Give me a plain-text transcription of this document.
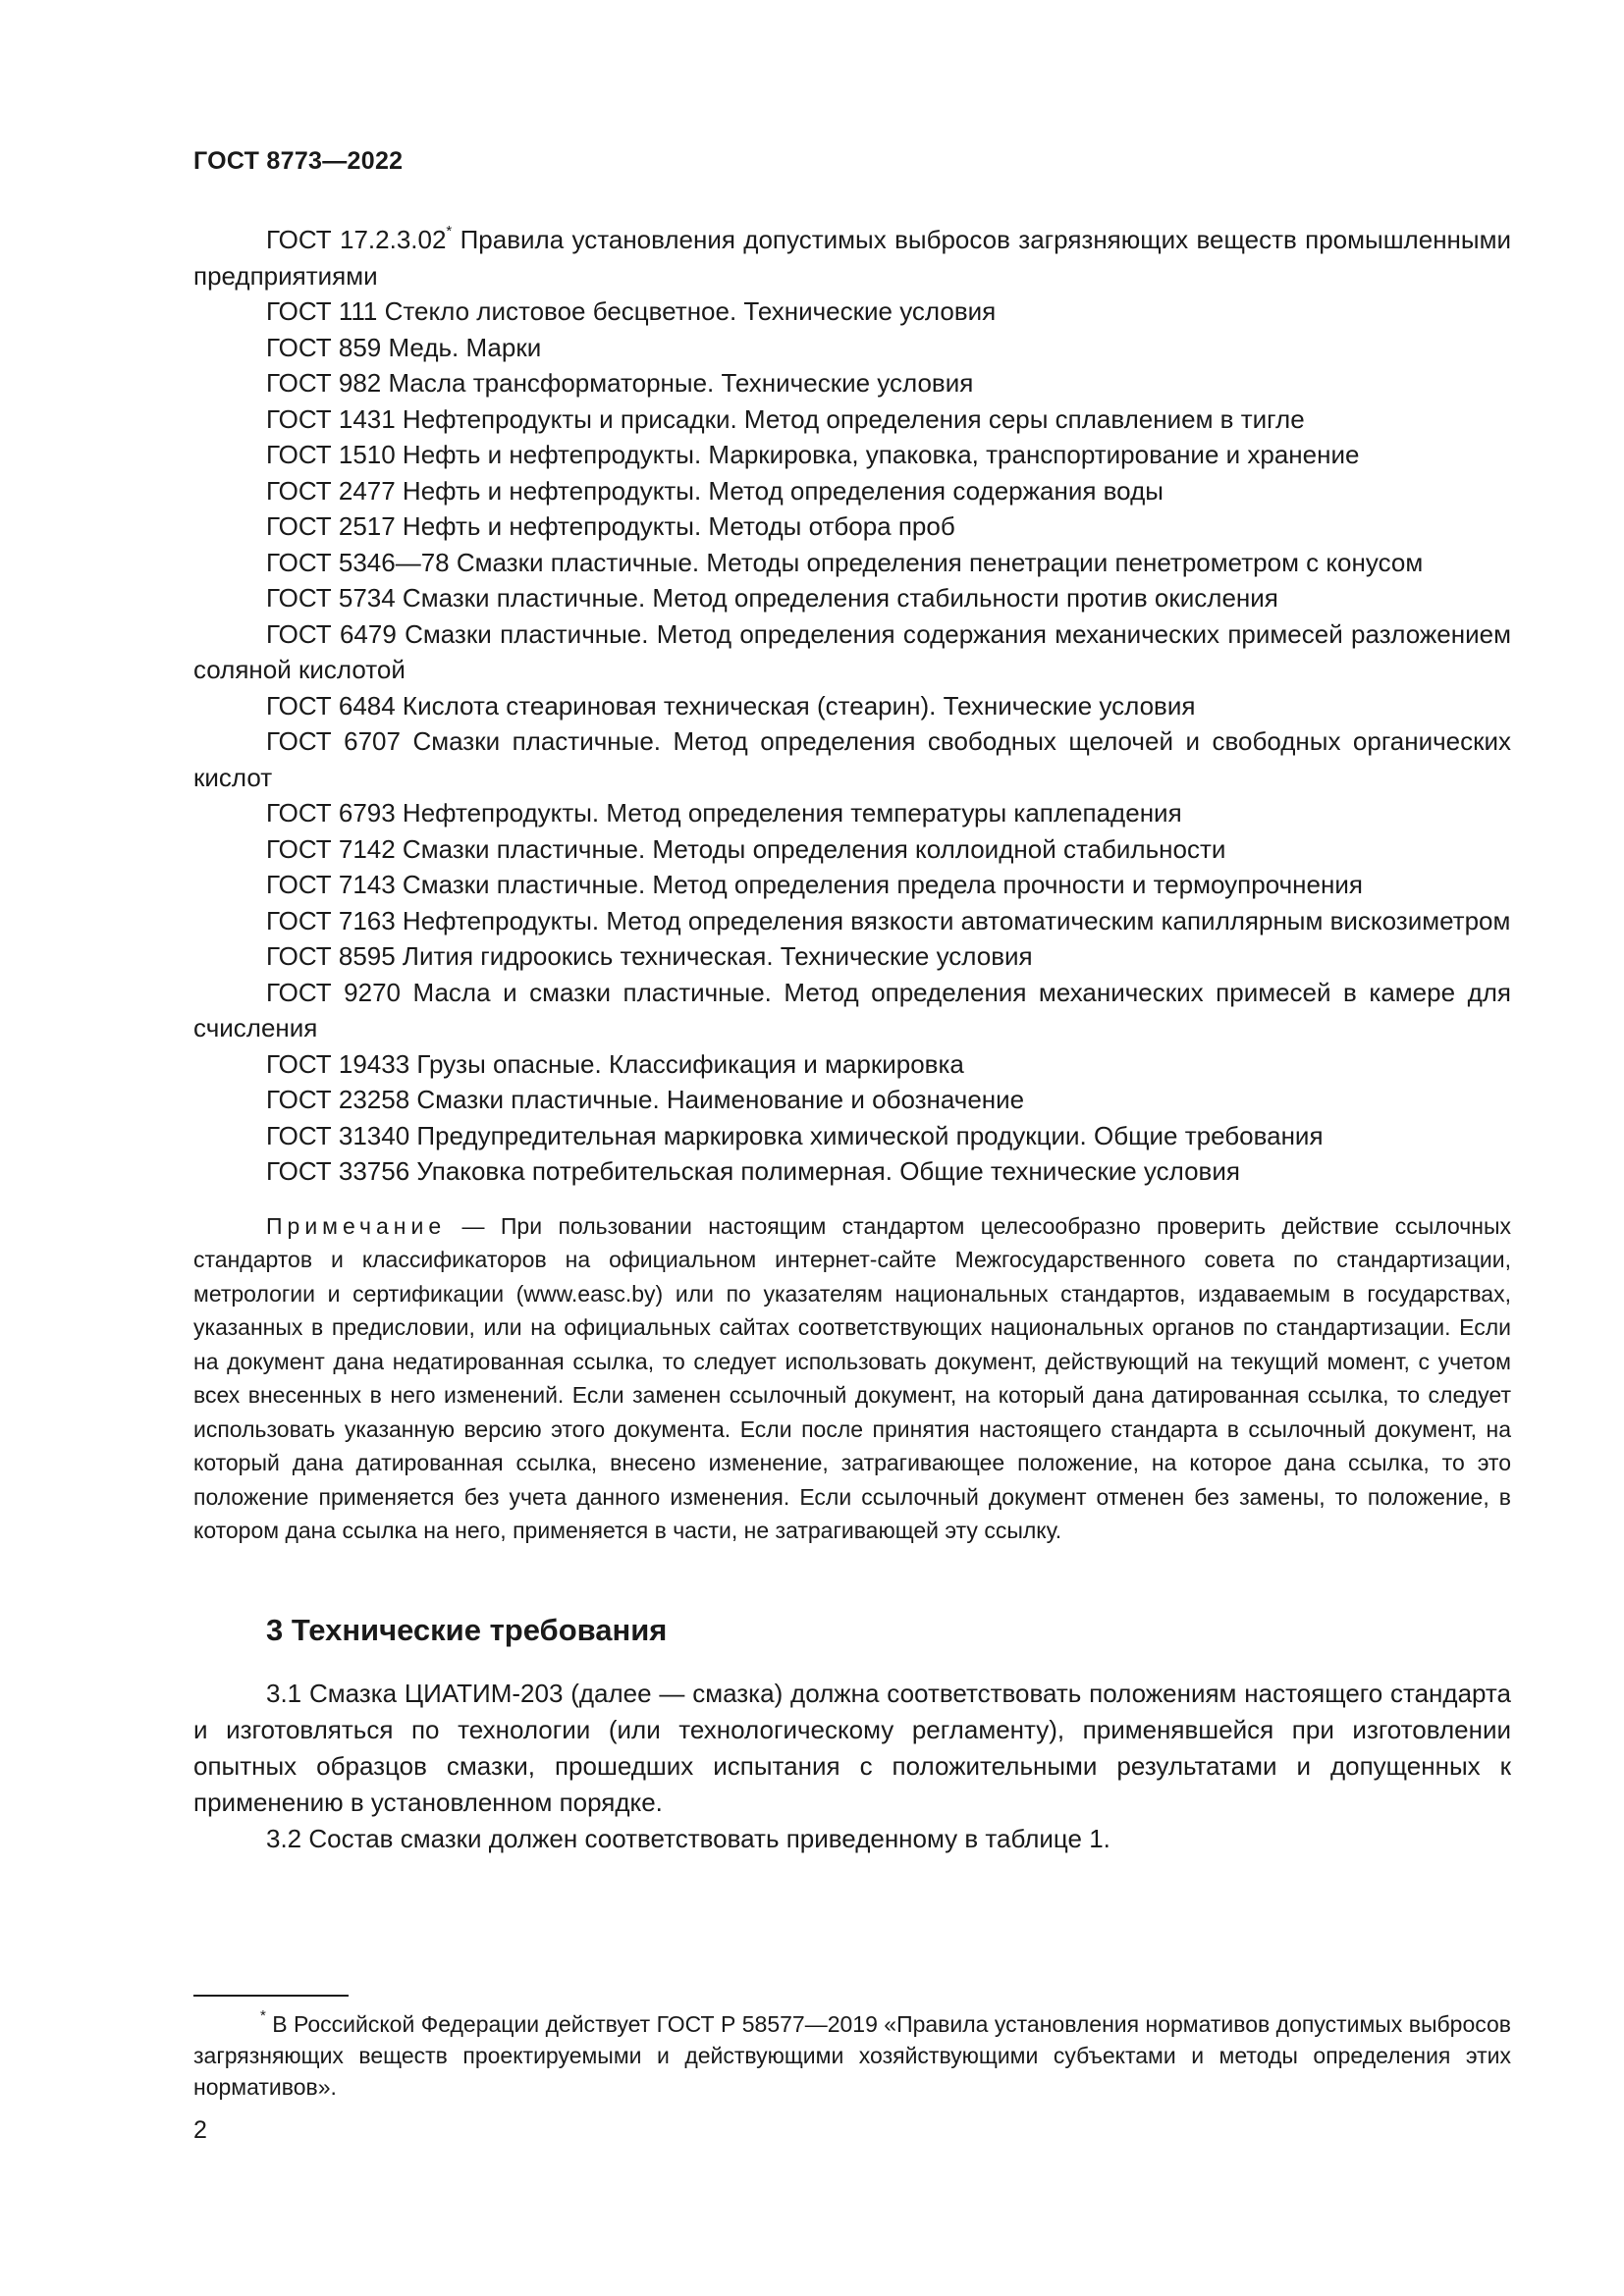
ГОСТ 8773—2022

ГОСТ 17.2.3.02* Правила установления допустимых выбросов загрязняющих веществ промышленными предприятиями

ГОСТ 111 Стекло листовое бесцветное. Технические условия

ГОСТ 859 Медь. Марки

ГОСТ 982 Масла трансформаторные. Технические условия

ГОСТ 1431 Нефтепродукты и присадки. Метод определения серы сплавлением в тигле

ГОСТ 1510 Нефть и нефтепродукты. Маркировка, упаковка, транспортирование и хранение

ГОСТ 2477 Нефть и нефтепродукты. Метод определения содержания воды

ГОСТ 2517 Нефть и нефтепродукты. Методы отбора проб

ГОСТ 5346—78 Смазки пластичные. Методы определения пенетрации пенетрометром с конусом

ГОСТ 5734 Смазки пластичные. Метод определения стабильности против окисления

ГОСТ 6479 Смазки пластичные. Метод определения содержания механических примесей разложением соляной кислотой

ГОСТ 6484 Кислота стеариновая техническая (стеарин). Технические условия

ГОСТ 6707 Смазки пластичные. Метод определения свободных щелочей и свободных органических кислот

ГОСТ 6793 Нефтепродукты. Метод определения температуры каплепадения

ГОСТ 7142 Смазки пластичные. Методы определения коллоидной стабильности

ГОСТ 7143 Смазки пластичные. Метод определения предела прочности и термоупрочнения

ГОСТ 7163 Нефтепродукты. Метод определения вязкости автоматическим капиллярным вискозиметром

ГОСТ 8595 Лития гидроокись техническая. Технические условия

ГОСТ 9270 Масла и смазки пластичные. Метод определения механических примесей в камере для счисления

ГОСТ 19433 Грузы опасные. Классификация и маркировка

ГОСТ 23258 Смазки пластичные. Наименование и обозначение

ГОСТ 31340 Предупредительная маркировка химической продукции. Общие требования

ГОСТ 33756 Упаковка потребительская полимерная. Общие технические условия

Примечание — При пользовании настоящим стандартом целесообразно проверить действие ссылочных стандартов и классификаторов на официальном интернет-сайте Межгосударственного совета по стандартизации, метрологии и сертификации (www.easc.by) или по указателям национальных стандартов, издаваемым в государствах, указанных в предисловии, или на официальных сайтах соответствующих национальных органов по стандартизации. Если на документ дана недатированная ссылка, то следует использовать документ, действующий на текущий момент, с учетом всех внесенных в него изменений. Если заменен ссылочный документ, на который дана датированная ссылка, то следует использовать указанную версию этого документа. Если после принятия настоящего стандарта в ссылочный документ, на который дана датированная ссылка, внесено изменение, затрагивающее положение, на которое дана ссылка, то это положение применяется без учета данного изменения. Если ссылочный документ отменен без замены, то положение, в котором дана ссылка на него, применяется в части, не затрагивающей эту ссылку.
3 Технические требования

3.1 Смазка ЦИАТИМ-203 (далее — смазка) должна соответствовать положениям настоящего стандарта и изготовляться по технологии (или технологическому регламенту), применявшейся при изготовлении опытных образцов смазки, прошедших испытания с положительными результатами и допущенных к применению в установленном порядке.

3.2 Состав смазки должен соответствовать приведенному в таблице 1.

* В Российской Федерации действует ГОСТ Р 58577—2019 «Правила установления нормативов допустимых выбросов загрязняющих веществ проектируемыми и действующими хозяйствующими субъектами и методы определения этих нормативов».
2
